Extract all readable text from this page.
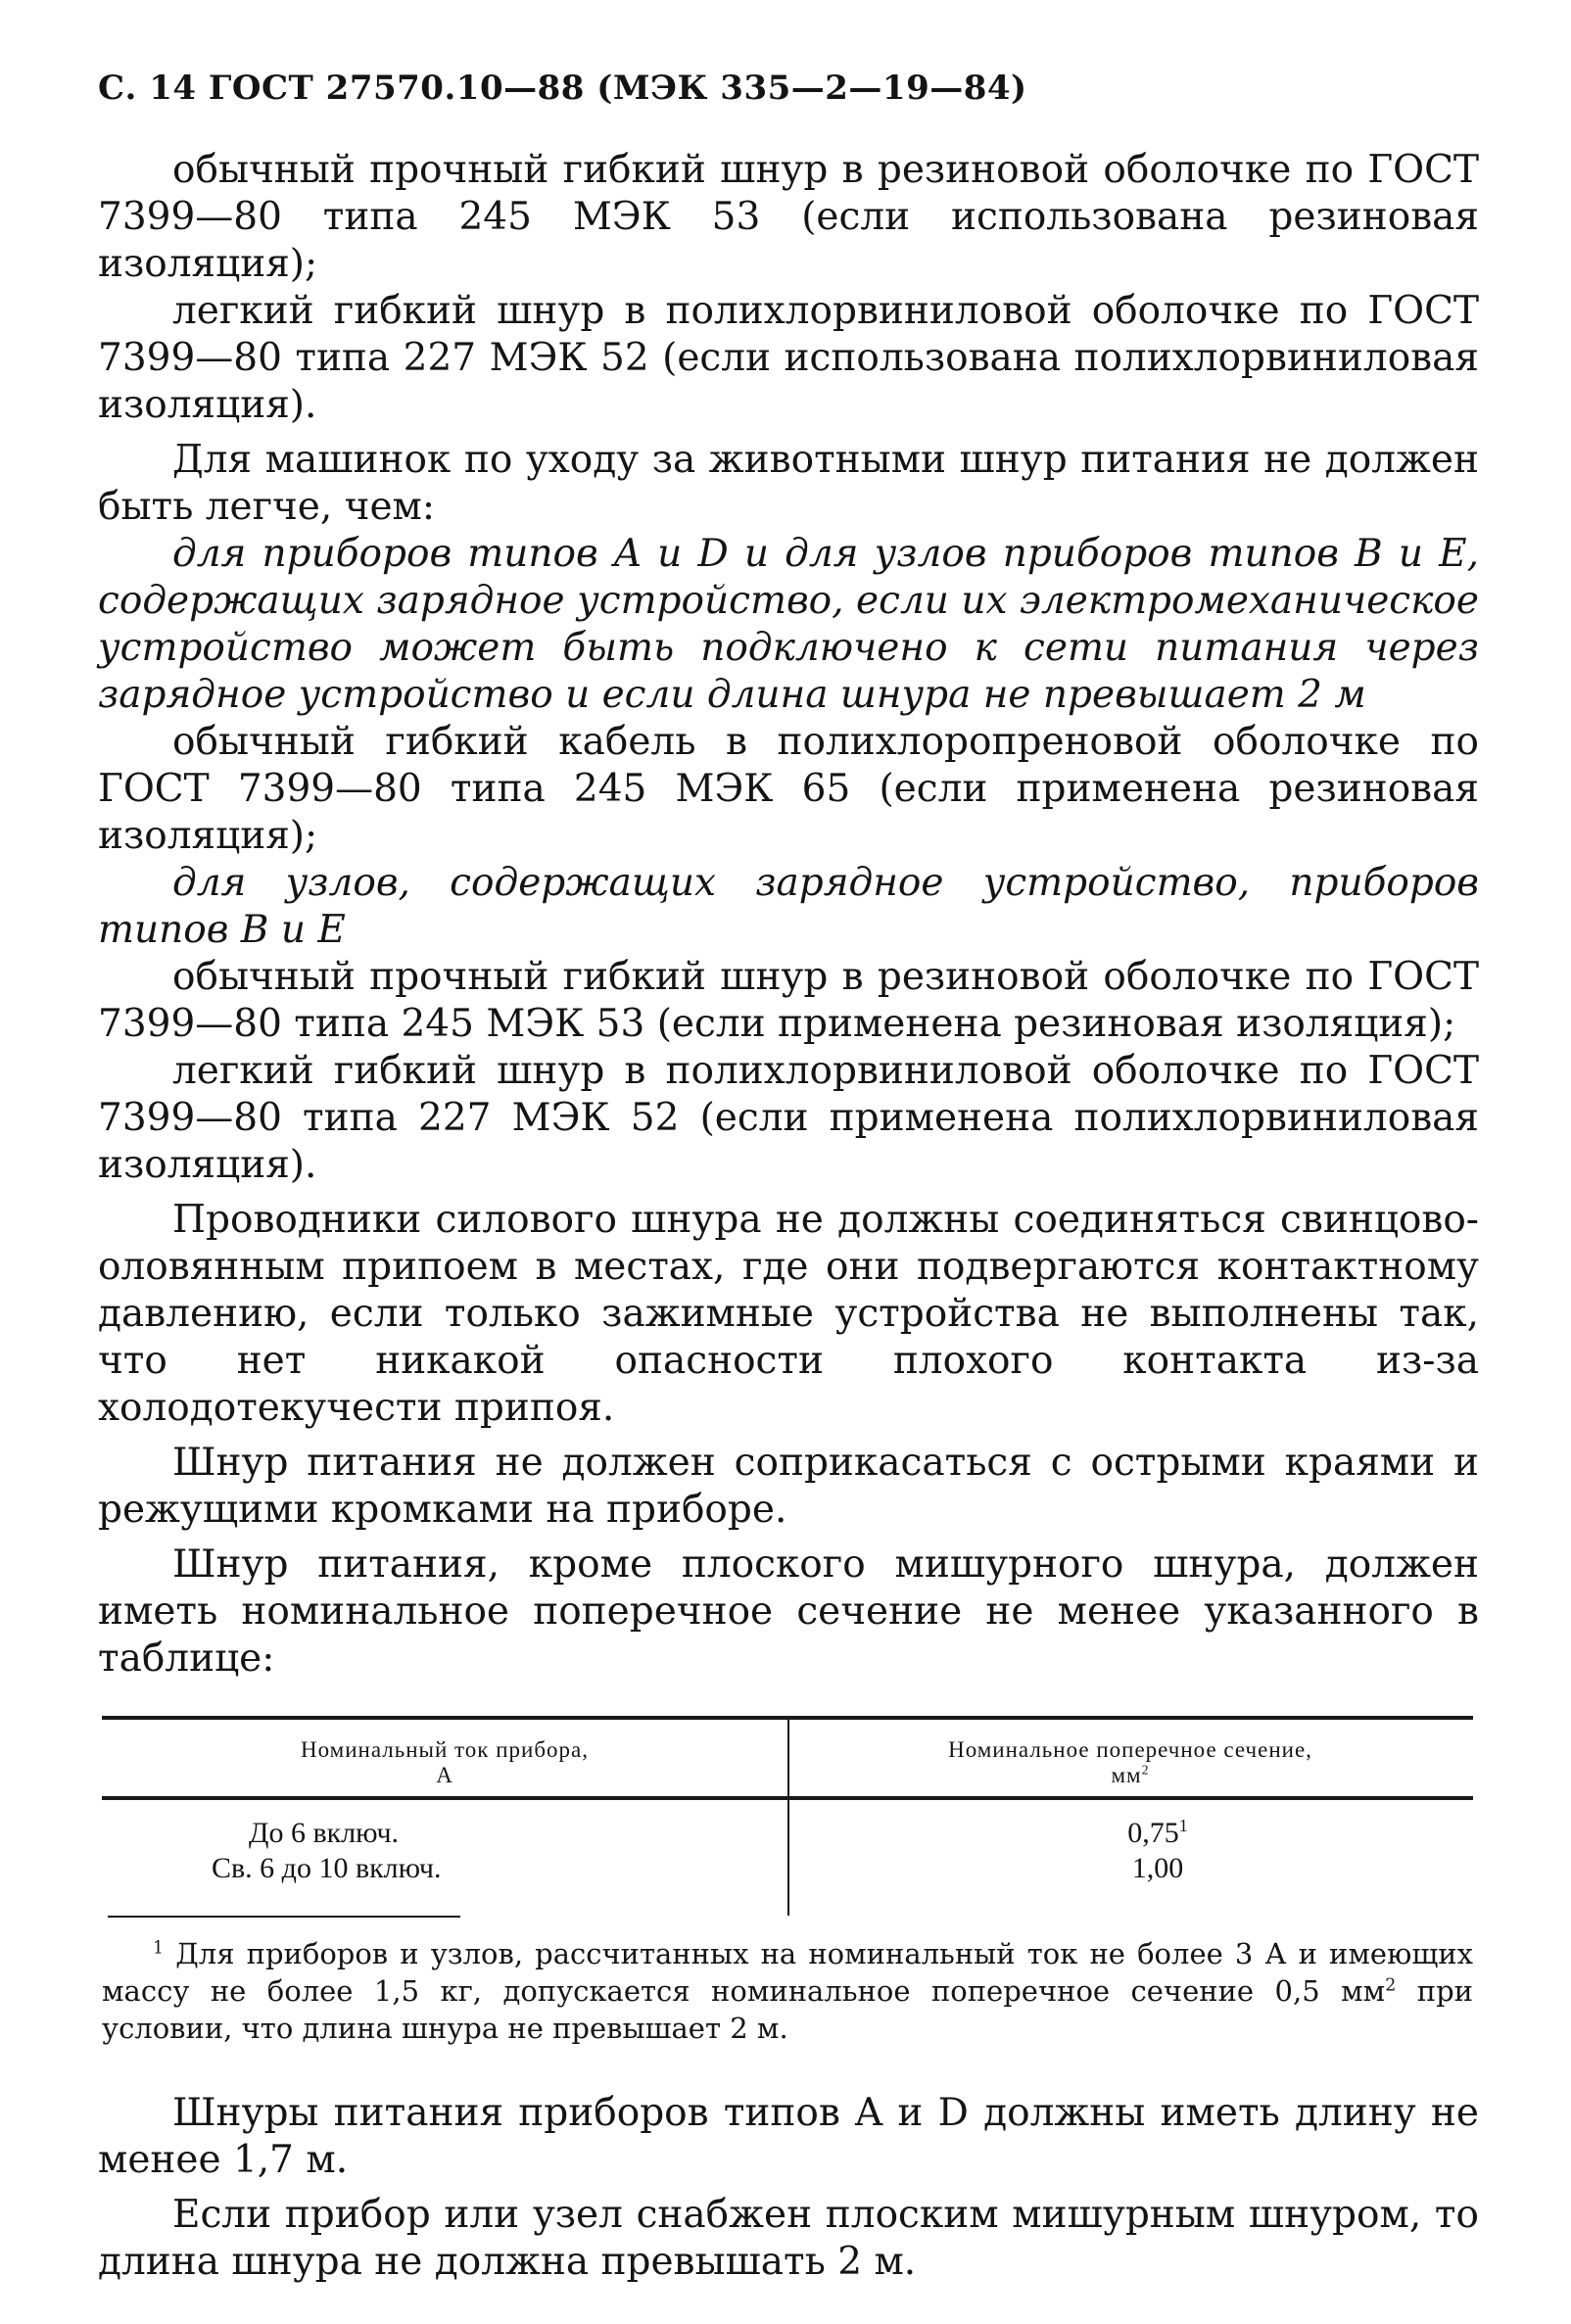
С. 14 ГОСТ 27570.10—88 (МЭК 335—2—19—84)

обычный прочный гибкий шнур в резиновой оболочке по ГОСТ 7399—80 типа 245 МЭК 53 (если использована резиновая изоляция);

легкий гибкий шнур в полихлорвиниловой оболочке по ГОСТ 7399—80 типа 227 МЭК 52 (если использована полихлорвиниловая изоляция).

Для машинок по уходу за животными шнур питания не должен быть легче, чем:

для приборов типов A и D и для узлов приборов типов B и E, содержащих зарядное устройство, если их электромеханическое устройство может быть подключено к сети питания через зарядное устройство и если длина шнура не превышает 2 м

обычный гибкий кабель в полихлоропреновой оболочке по ГОСТ 7399—80 типа 245 МЭК 65 (если применена резиновая изоляция);

для узлов, содержащих зарядное устройство, приборов типов B и E

обычный прочный гибкий шнур в резиновой оболочке по ГОСТ 7399—80 типа 245 МЭК 53 (если применена резиновая изоляция);

легкий гибкий шнур в полихлорвиниловой оболочке по ГОСТ 7399—80 типа 227 МЭК 52 (если применена полихлорвиниловая изоляция).

Проводники силового шнура не должны соединяться свинцово-оловянным припоем в местах, где они подвергаются контактному давлению, если только зажимные устройства не выполнены так, что нет никакой опасности плохого контакта из-за холодотекучести припоя.

Шнур питания не должен соприкасаться с острыми краями и режущими кромками на приборе.

Шнур питания, кроме плоского мишурного шнура, должен иметь номинальное поперечное сечение не менее указанного в таблице:

Номинальный ток прибора,
А
Номинальное поперечное сечение,
$мм^2$
До 6 включ.
Св. 6 до 10 включ.
0,75$^1$
1,00

$^1$ Для приборов и узлов, рассчитанных на номинальный ток не более 3 А и имеющих массу не более 1,5 кг, допускается номинальное поперечное сечение 0,5 $мм^2$ при условии, что длина шнура не превышает 2 м.

Шнуры питания приборов типов A и D должны иметь длину не менее 1,7 м.

Если прибор или узел снабжен плоским мишурным шнуром, то длина шнура не должна превышать 2 м.
